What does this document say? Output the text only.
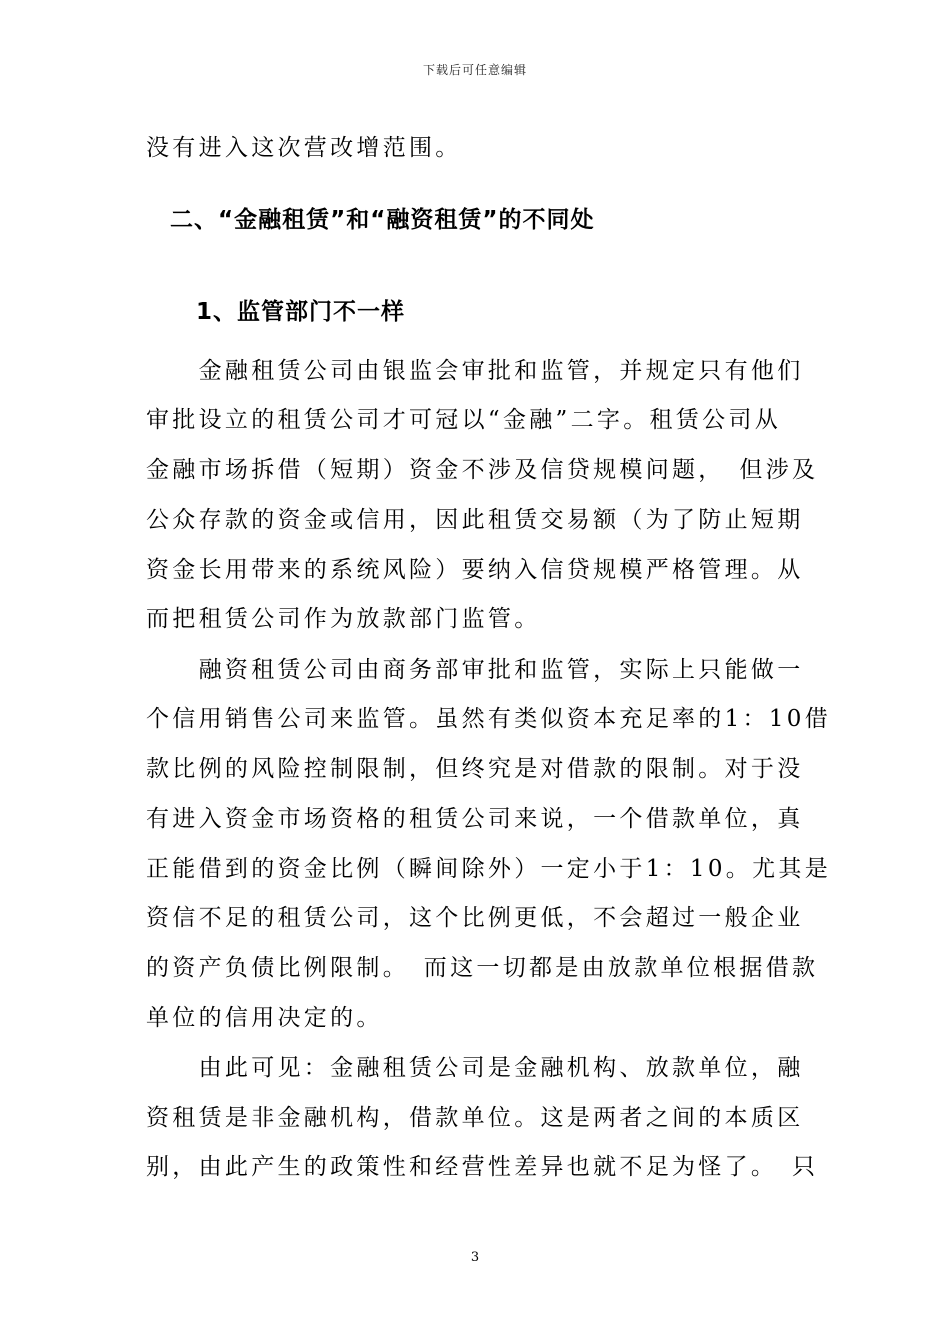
下载后可任意编辑
没有进入这次营改增范围。
二、“金融租赁”和“融资租赁”的不同处
1、监管部门不一样
　　金融租赁公司由银监会审批和监管，并规定只有他们
审批设立的租赁公司才可冠以“金融”二字。租赁公司从
金融市场拆借（短期）资金不涉及信贷规模问题，　但涉及
公众存款的资金或信用，因此租赁交易额（为了防止短期
资金长用带来的系统风险）要纳入信贷规模严格管理。从
而把租赁公司作为放款部门监管。
　　融资租赁公司由商务部审批和监管，实际上只能做一
个信用销售公司来监管。虽然有类似资本充足率的1：10借
款比例的风险控制限制，但终究是对借款的限制。对于没
有进入资金市场资格的租赁公司来说，一个借款单位，真
正能借到的资金比例（瞬间除外）一定小于1：10。尤其是
资信不足的租赁公司，这个比例更低，不会超过一般企业
的资产负债比例限制。　而这一切都是由放款单位根据借款
单位的信用决定的。
　　由此可见：金融租赁公司是金融机构、放款单位，融
资租赁是非金融机构，借款单位。这是两者之间的本质区
别，由此产生的政策性和经营性差异也就不足为怪了。　只
3
